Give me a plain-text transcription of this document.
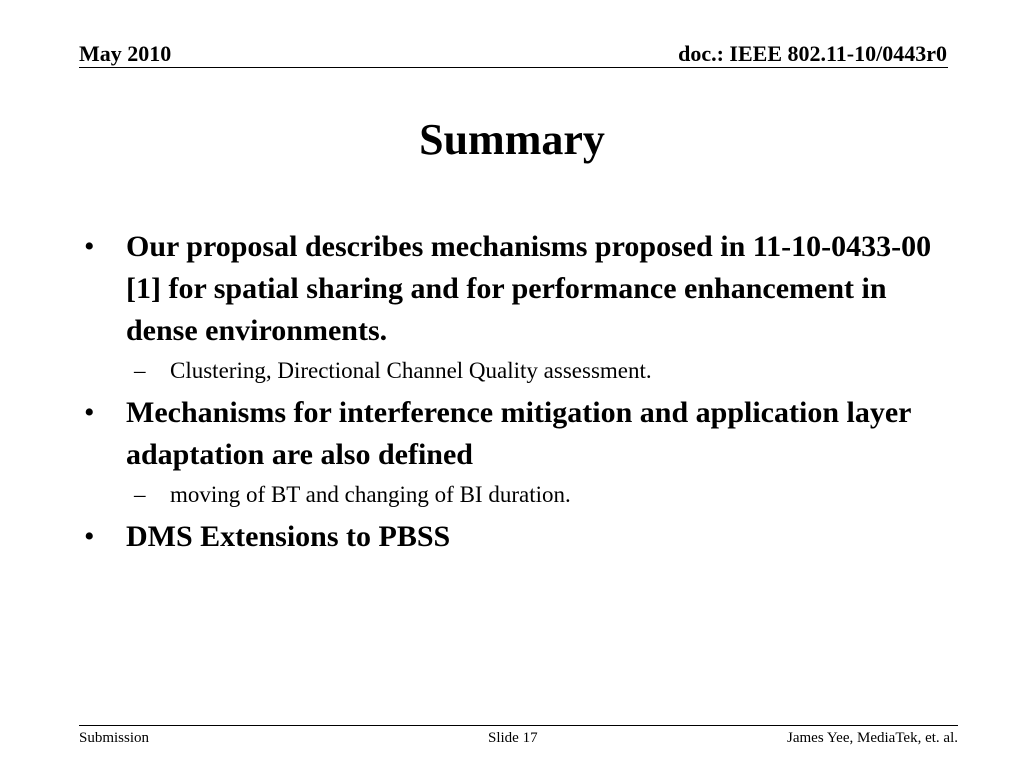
May 2010	doc.: IEEE 802.11-10/0443r0
Summary
• Our proposal describes mechanisms proposed in 11-10-0433-00 [1] for spatial sharing and for performance enhancement in dense environments.
– Clustering, Directional Channel Quality assessment.
• Mechanisms for interference mitigation and application layer adaptation are also defined
– moving of BT and changing of BI duration.
• DMS Extensions to PBSS
Submission	Slide 17	James Yee, MediaTek, et. al.
